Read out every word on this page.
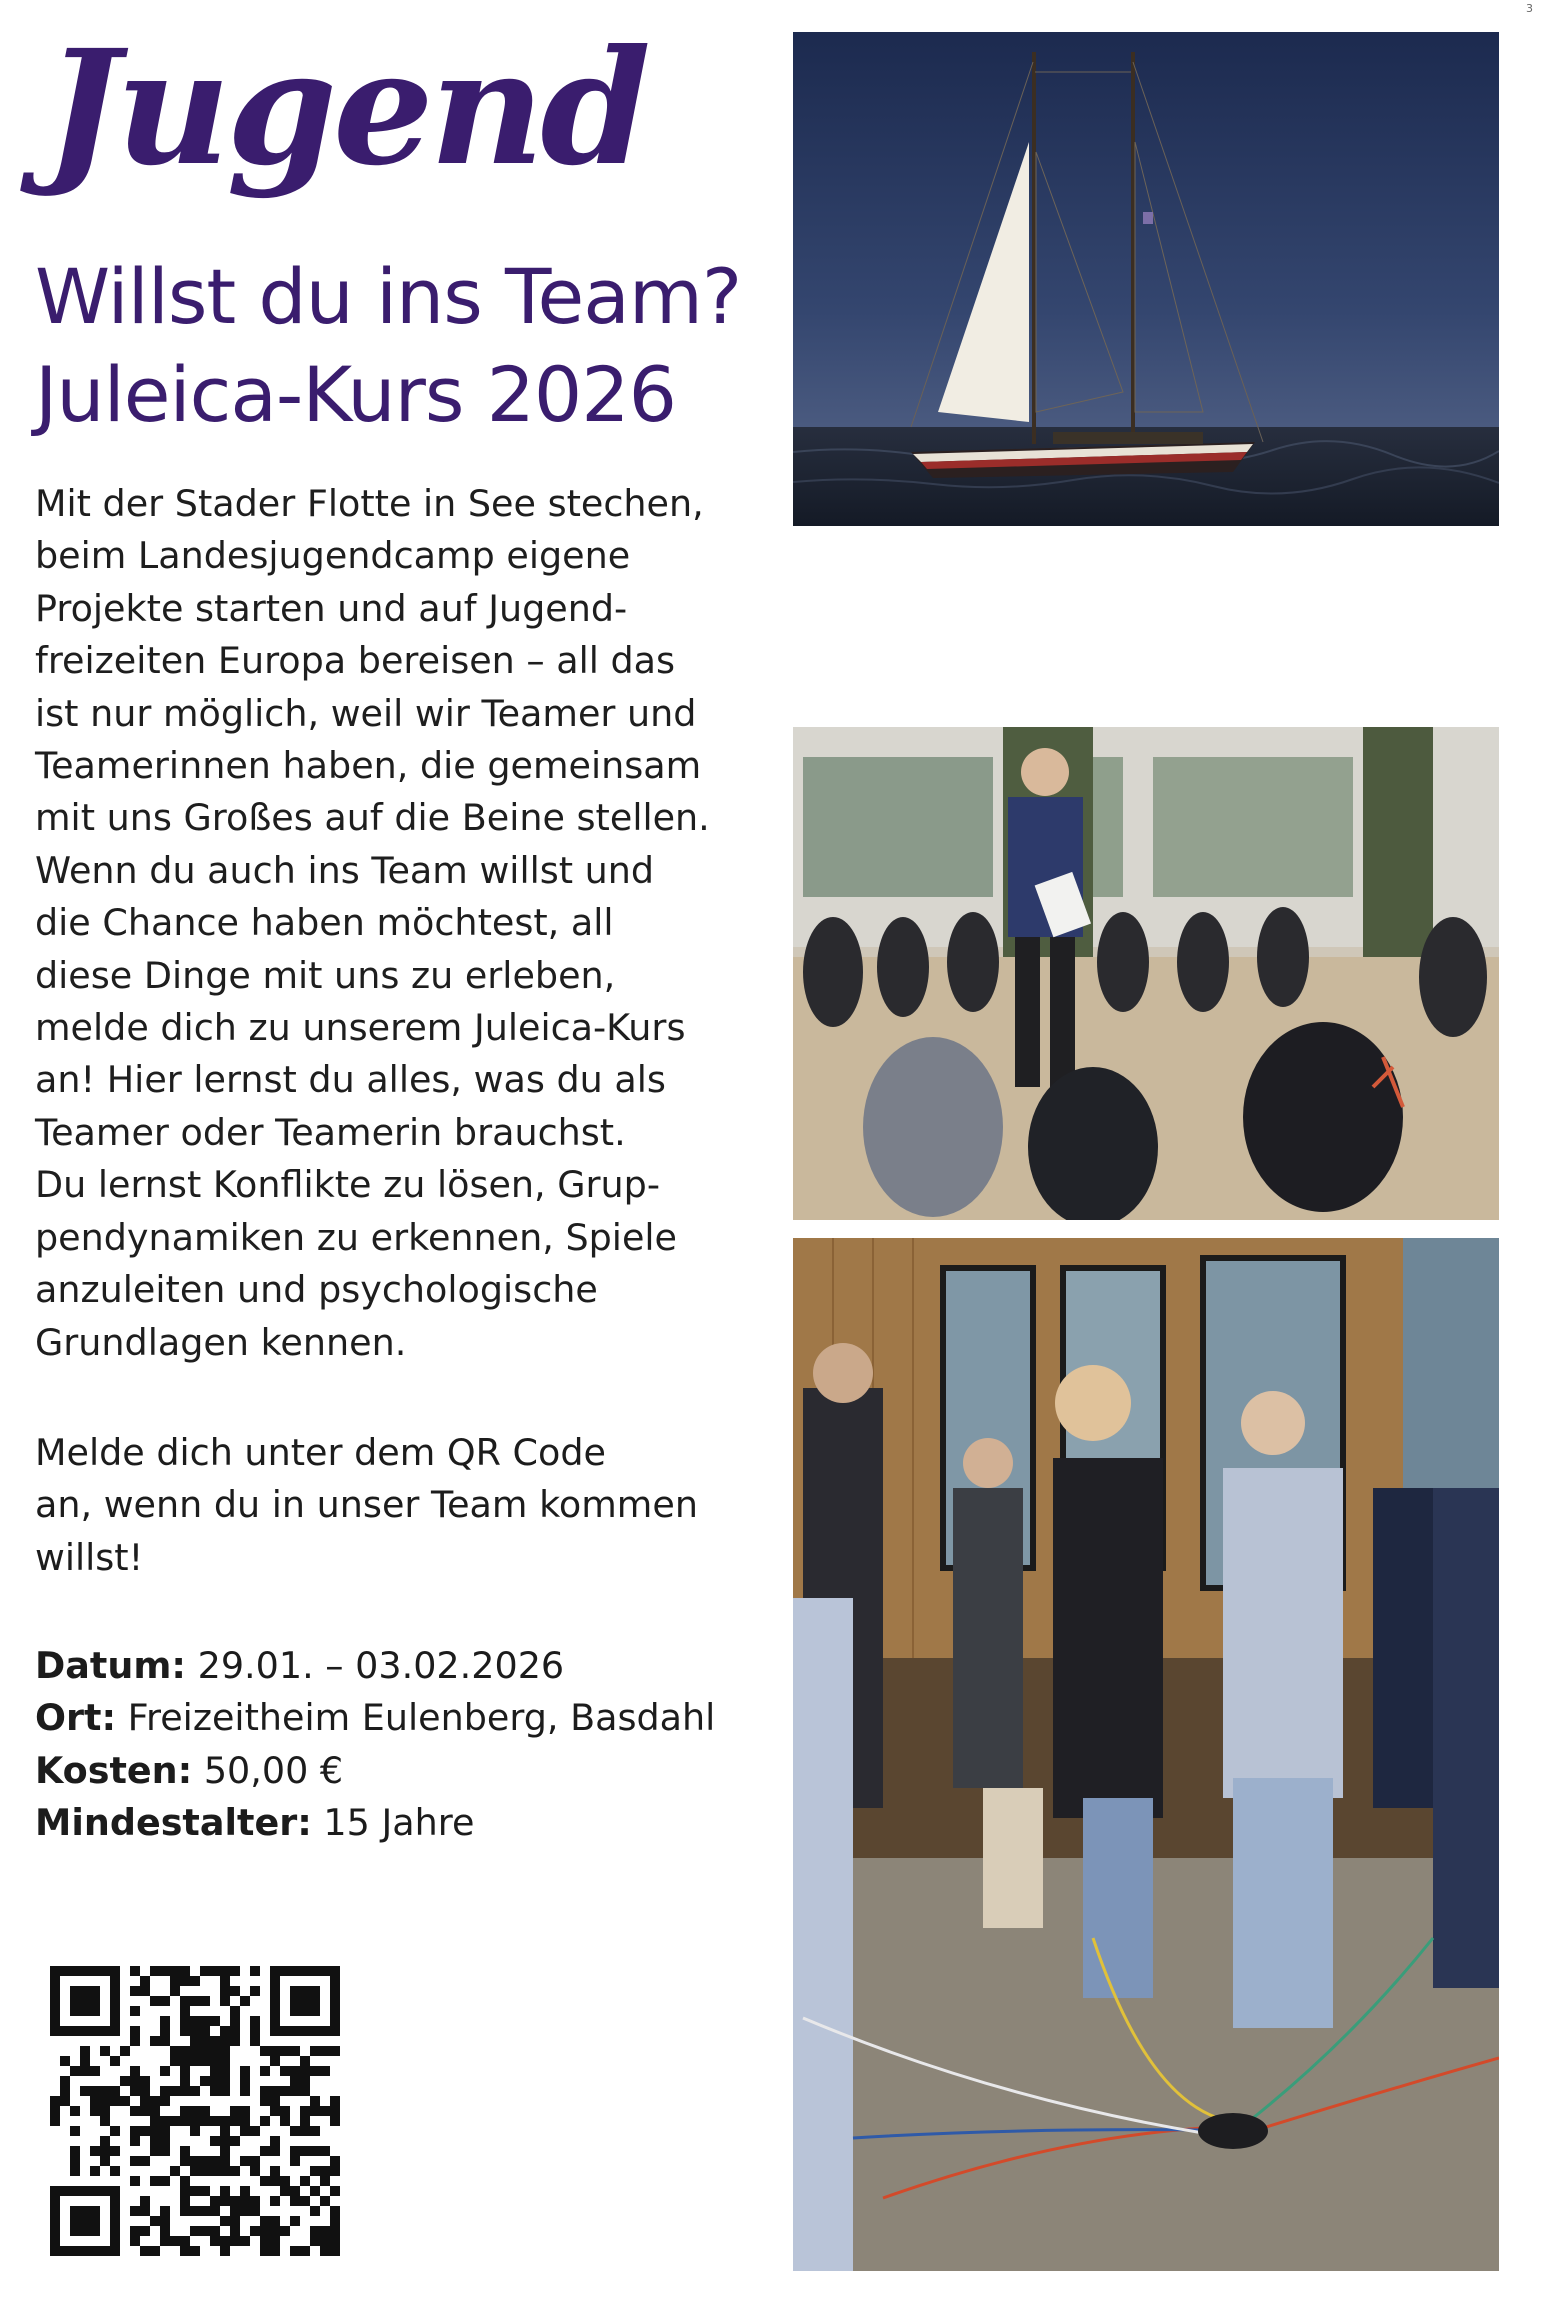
3
Jugend
Willst du ins Team?
Juleica-Kurs 2026
Mit der Stader Flotte in See stechen,
beim Landesjugendcamp eigene
Projekte starten und auf Jugend-
freizeiten Europa bereisen – all das
ist nur möglich, weil wir Teamer und
Teamerinnen haben, die gemeinsam
mit uns Großes auf die Beine stellen.
Wenn du auch ins Team willst und
die Chance haben möchtest, all
diese Dinge mit uns zu erleben,
melde dich zu unserem Juleica-Kurs
an! Hier lernst du alles, was du als
Teamer oder Teamerin brauchst.
Du lernst Konflikte zu lösen, Grup-
pendynamiken zu erkennen, Spiele
anzuleiten und psychologische
Grundlagen kennen.
Melde dich unter dem QR Code
an, wenn du in unser Team kommen
willst!
Datum: 29.01. – 03.02.2026
Ort: Freizeitheim Eulenberg, Basdahl
Kosten: 50,00 €
Mindestalter: 15 Jahre
